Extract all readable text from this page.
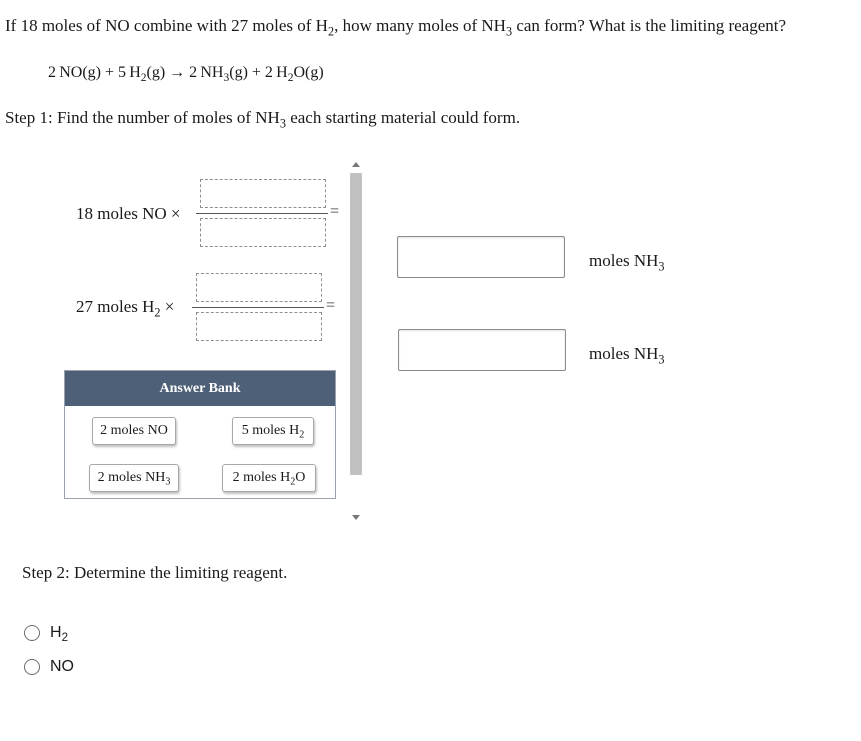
If 18 moles of NO combine with 27 moles of $H_2$, how many moles of $NH_3$ can form? What is the limiting reagent?
2 NO(g) + 5 $H_2(g) \to 2$ $NH_3(g) + 2$ $H_2O(g)$
Step 1: Find the number of moles of $NH_3$ each starting material could form.
18 moles NO ×	=
27 moles $H_2$ ×	=
moles $NH_3$
moles $NH_3$
Answer Bank
2 moles NO	5 moles $H_2$
2 moles $NH_3$	2 moles $H_2O$
Step 2: Determine the limiting reagent.
$H_2$
NO
